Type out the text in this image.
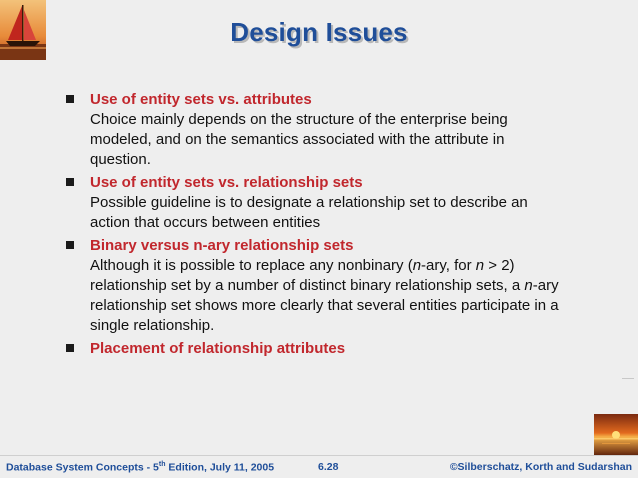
Design Issues
Use of entity sets vs. attributes
Choice mainly depends on the structure of the enterprise being modeled, and on the semantics associated with the attribute in question.
Use of entity sets vs. relationship sets
Possible guideline is to designate a relationship set to describe an action that occurs between entities
Binary versus n-ary relationship sets
Although it is possible to replace any nonbinary (n-ary, for n > 2) relationship set by a number of distinct binary relationship sets, a n-ary relationship set shows more clearly that several entities participate in a single relationship.
Placement of relationship attributes
Database System Concepts - 5th Edition, July 11, 2005	6.28	©Silberschatz, Korth and Sudarshan
